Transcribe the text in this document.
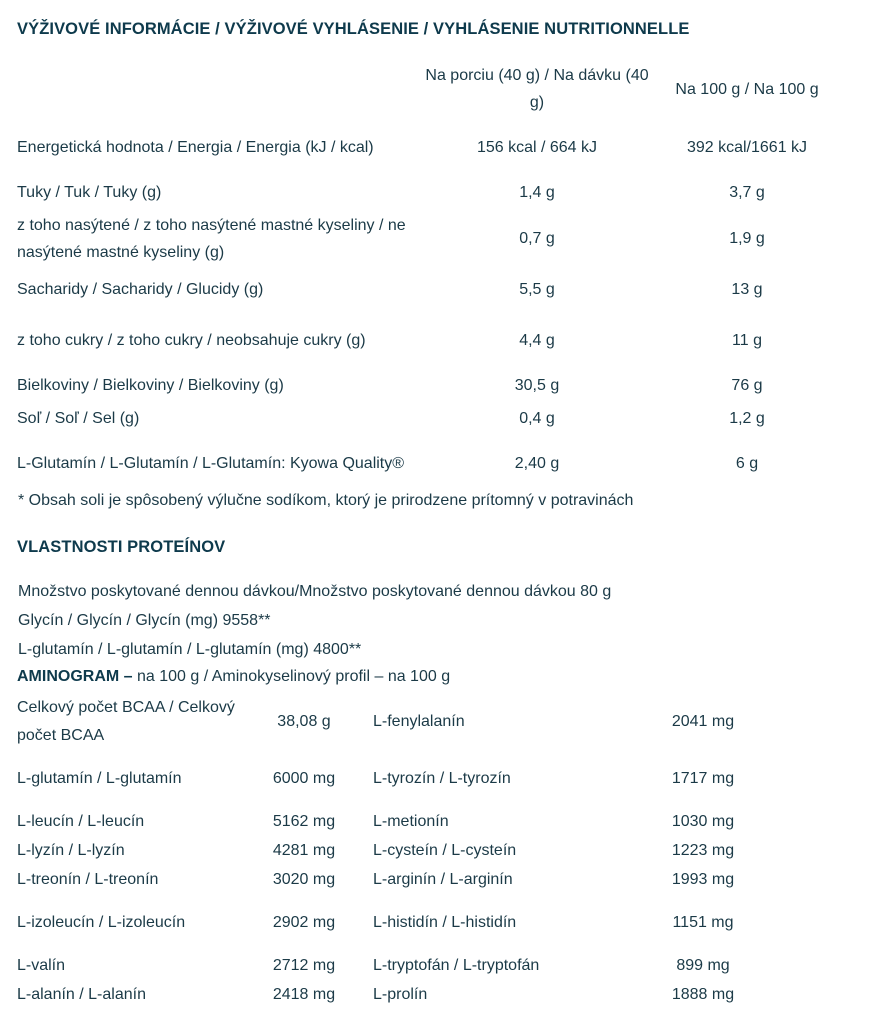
VÝŽIVOVÉ INFORMÁCIE / VÝŽIVOVÉ VYHLÁSENIE / VYHLÁSENIE NUTRITIONNELLE
	Na porciu (40 g) / Na dávku (40 g)	Na 100 g / Na 100 g
Energetická hodnota / Energia / Energia (kJ / kcal)	156 kcal / 664 kJ	392 kcal/1661 kJ
Tuky / Tuk / Tuky (g)	1,4 g	3,7 g
z toho nasýtené / z toho nasýtené mastné kyseliny / ne nasýtené mastné kyseliny (g)	0,7 g	1,9 g
Sacharidy / Sacharidy / Glucidy (g)	5,5 g	13 g
z toho cukry / z toho cukry / neobsahuje cukry (g)	4,4 g	11 g
Bielkoviny / Bielkoviny / Bielkoviny (g)	30,5 g	76 g
Soľ / Soľ / Sel (g)	0,4 g	1,2 g
L-Glutamín / L-Glutamín / L-Glutamín: Kyowa Quality®	2,40 g	6 g
* Obsah soli je spôsobený výlučne sodíkom, ktorý je prirodzene prítomný v potravinách
VLASTNOSTI PROTEÍNOV
Množstvo poskytované dennou dávkou/Množstvo poskytované dennou dávkou 80 g
Glycín / Glycín / Glycín (mg) 9558**
L-glutamín / L-glutamín / L-glutamín (mg) 4800**
AMINOGRAM – na 100 g / Aminokyselinový profil – na 100 g
Celkový počet BCAA / Celkový počet BCAA	38,08 g	L-fenylalanín	2041 mg
L-glutamín / L-glutamín	6000 mg	L-tyrozín / L-tyrozín	1717 mg
L-leucín / L-leucín	5162 mg	L-metionín	1030 mg
L-lyzín / L-lyzín	4281 mg	L-cysteín / L-cysteín	1223 mg
L-treonín / L-treonín	3020 mg	L-arginín / L-arginín	1993 mg
L-izoleucín / L-izoleucín	2902 mg	L-histidín / L-histidín	1151 mg
L-valín	2712 mg	L-tryptofán / L-tryptofán	899 mg
L-alanín / L-alanín	2418 mg	L-prolín	1888 mg
